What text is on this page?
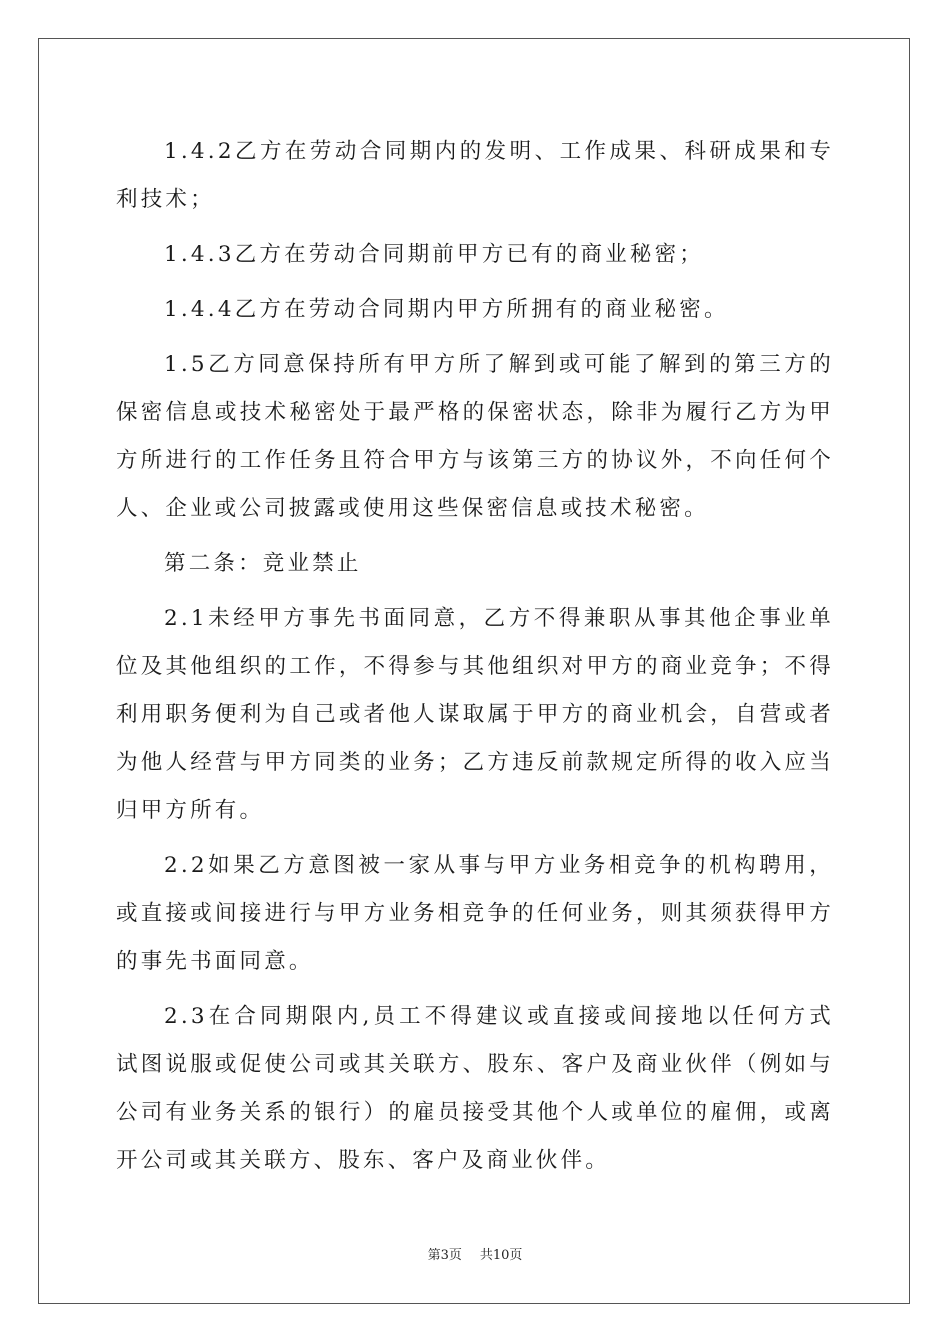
1.4.2乙方在劳动合同期内的发明、工作成果、科研成果和专利技术；

1.4.3乙方在劳动合同期前甲方已有的商业秘密；

1.4.4乙方在劳动合同期内甲方所拥有的商业秘密。

1.5乙方同意保持所有甲方所了解到或可能了解到的第三方的保密信息或技术秘密处于最严格的保密状态，除非为履行乙方为甲方所进行的工作任务且符合甲方与该第三方的协议外，不向任何个人、企业或公司披露或使用这些保密信息或技术秘密。

第二条：竞业禁止

2.1未经甲方事先书面同意，乙方不得兼职从事其他企事业单位及其他组织的工作，不得参与其他组织对甲方的商业竞争；不得利用职务便利为自己或者他人谋取属于甲方的商业机会，自营或者为他人经营与甲方同类的业务；乙方违反前款规定所得的收入应当归甲方所有。

2.2如果乙方意图被一家从事与甲方业务相竞争的机构聘用，或直接或间接进行与甲方业务相竞争的任何业务，则其须获得甲方的事先书面同意。

2.3在合同期限内,员工不得建议或直接或间接地以任何方式试图说服或促使公司或其关联方、股东、客户及商业伙伴（例如与公司有业务关系的银行）的雇员接受其他个人或单位的雇佣，或离开公司或其关联方、股东、客户及商业伙伴。

第3页 共10页
